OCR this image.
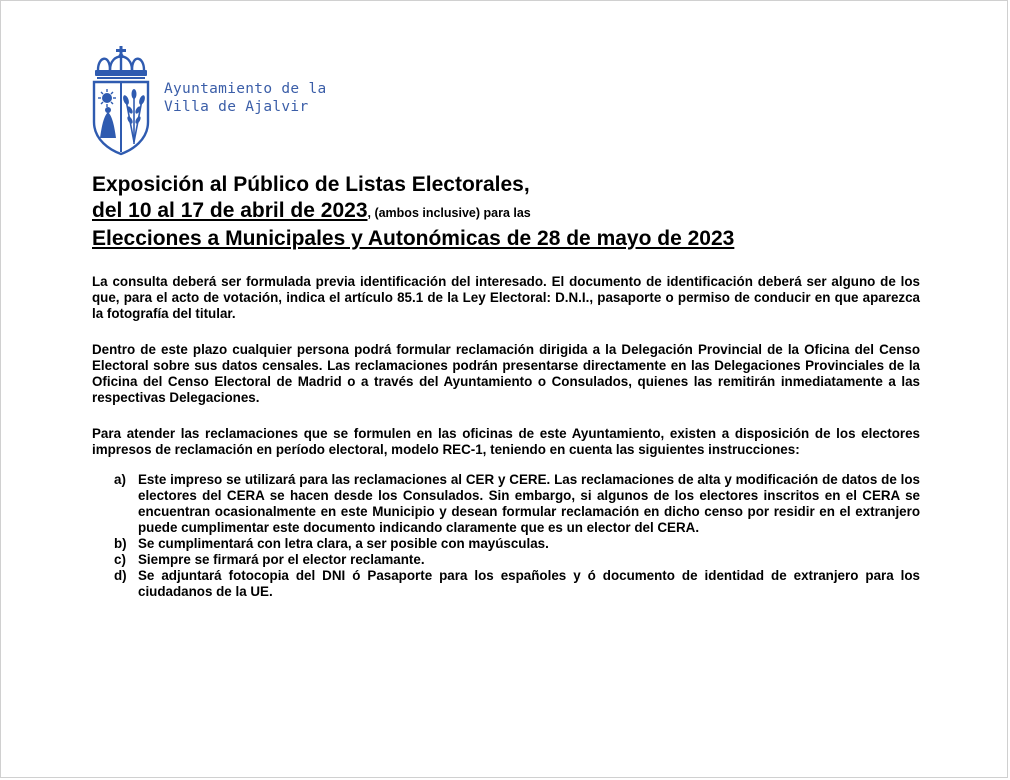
Ayuntamiento de la
Villa de Ajalvir
Exposición al Público de Listas Electorales,
del 10 al 17 de abril de 2023, (ambos inclusive) para las
Elecciones a Municipales y Autonómicas de 28 de mayo de 2023

La consulta deberá ser formulada previa identificación del interesado. El documento de identificación deberá ser alguno de los que, para el acto de votación, indica el artículo 85.1 de la Ley Electoral: D.N.I., pasaporte o permiso de conducir en que aparezca la fotografía del titular.

Dentro de este plazo cualquier persona podrá formular reclamación dirigida a la Delegación Provincial de la Oficina del Censo Electoral sobre sus datos censales. Las reclamaciones podrán presentarse directamente en las Delegaciones Provinciales de la Oficina del Censo Electoral de Madrid o a través del Ayuntamiento o Consulados, quienes las remitirán inmediatamente a las respectivas Delegaciones.

Para atender las reclamaciones que se formulen en las oficinas de este Ayuntamiento, existen a disposición de los electores impresos de reclamación en período electoral, modelo REC-1, teniendo en cuenta las siguientes instrucciones:

a) Este impreso se utilizará para las reclamaciones al CER y CERE. Las reclamaciones de alta y modificación de datos de los electores del CERA se hacen desde los Consulados. Sin embargo, si algunos de los electores inscritos en el CERA se encuentran ocasionalmente en este Municipio y desean formular reclamación en dicho censo por residir en el extranjero puede cumplimentar este documento indicando claramente que es un elector del CERA.
b) Se cumplimentará con letra clara, a ser posible con mayúsculas.
c) Siempre se firmará por el elector reclamante.
d) Se adjuntará fotocopia del DNI ó Pasaporte para los españoles y ó documento de identidad de extranjero para los ciudadanos de la UE.
